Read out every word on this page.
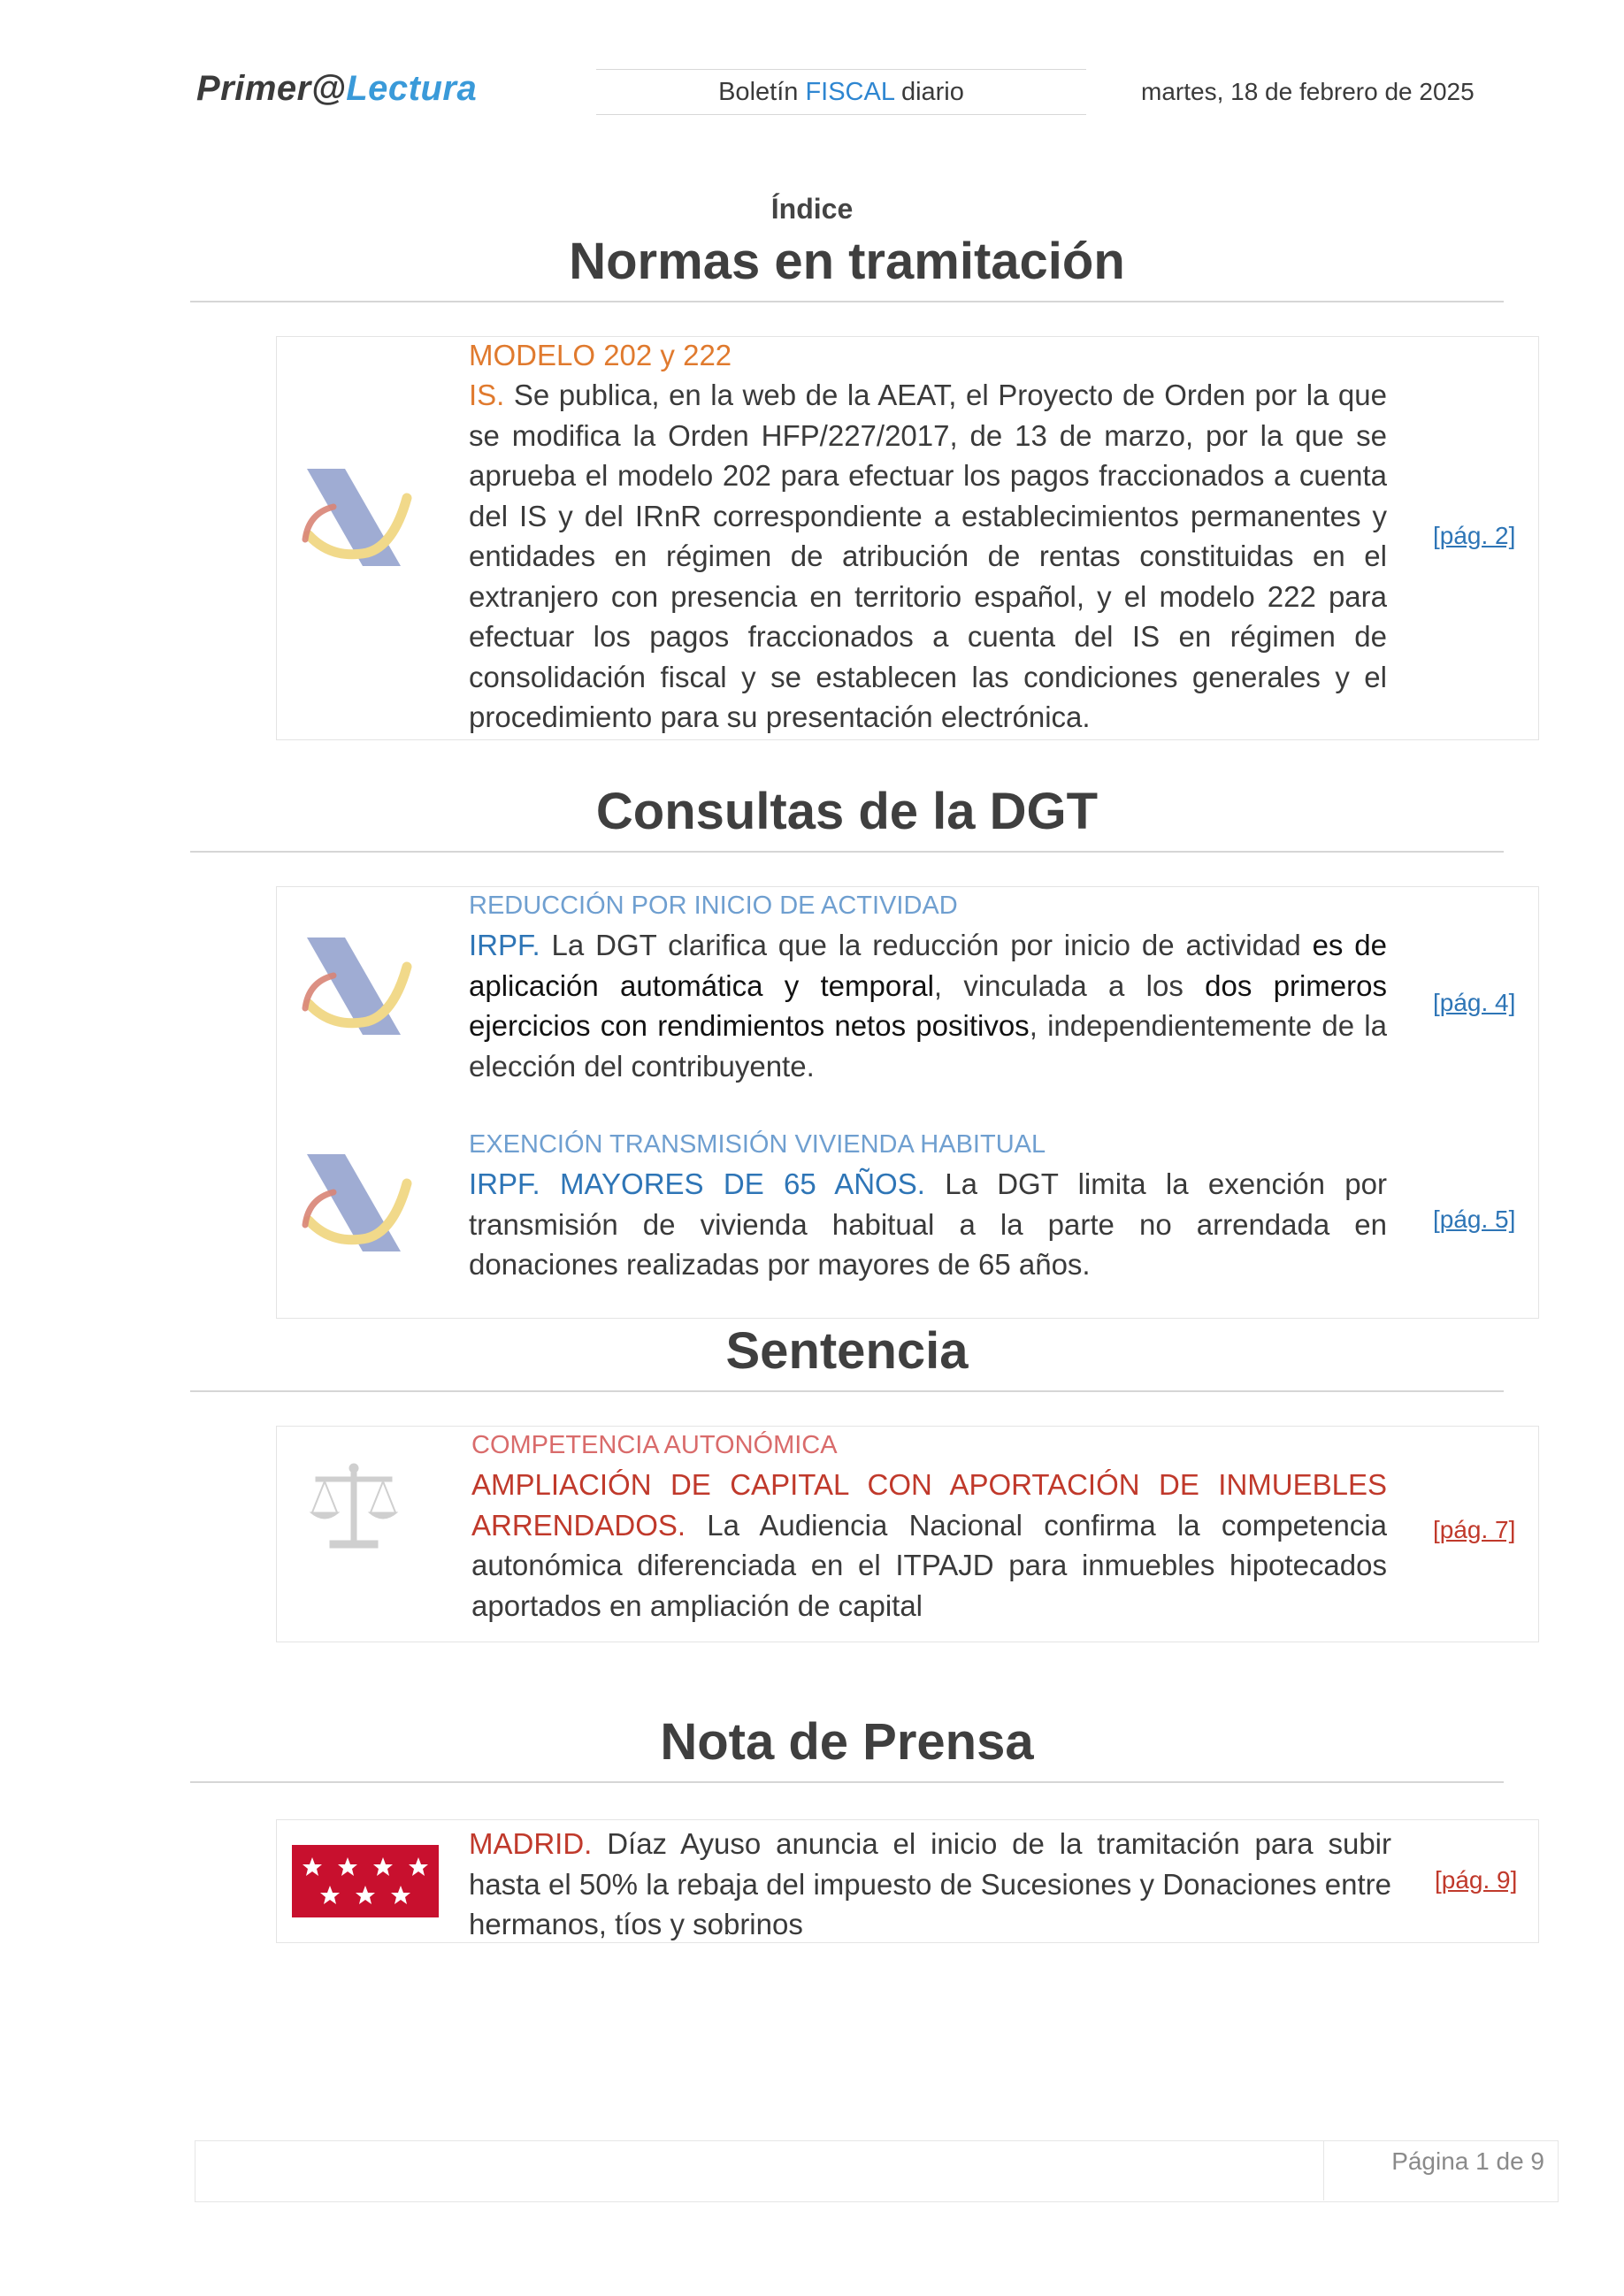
Primer@Lectura	Boletín FISCAL diario	martes, 18 de febrero de 2025
Índice
Normas en tramitación
MODELO 202 y 222
IS. Se publica, en la web de la AEAT, el Proyecto de Orden por la que se modifica la Orden HFP/227/2017, de 13 de marzo, por la que se aprueba el modelo 202 para efectuar los pagos fraccionados a cuenta del IS y del IRnR correspondiente a establecimientos permanentes y entidades en régimen de atribución de rentas constituidas en el extranjero con presencia en territorio español, y el modelo 222 para efectuar los pagos fraccionados a cuenta del IS en régimen de consolidación fiscal y se establecen las condiciones generales y el procedimiento para su presentación electrónica.
[pág. 2]
Consultas de la DGT
REDUCCIÓN POR INICIO DE ACTIVIDAD
IRPF. La DGT clarifica que la reducción por inicio de actividad es de aplicación automática y temporal, vinculada a los dos primeros ejercicios con rendimientos netos positivos, independientemente de la elección del contribuyente.
[pág. 4]
EXENCIÓN TRANSMISIÓN VIVIENDA HABITUAL
IRPF. MAYORES DE 65 AÑOS. La DGT limita la exención por transmisión de vivienda habitual a la parte no arrendada en donaciones realizadas por mayores de 65 años.
[pág. 5]
Sentencia
COMPETENCIA AUTONÓMICA
AMPLIACIÓN DE CAPITAL CON APORTACIÓN DE INMUEBLES ARRENDADOS. La Audiencia Nacional confirma la competencia autonómica diferenciada en el ITPAJD para inmuebles hipotecados aportados en ampliación de capital
[pág. 7]
Nota de Prensa
MADRID. Díaz Ayuso anuncia el inicio de la tramitación para subir hasta el 50% la rebaja del impuesto de Sucesiones y Donaciones entre hermanos, tíos y sobrinos
[pág. 9]
Página 1 de 9
